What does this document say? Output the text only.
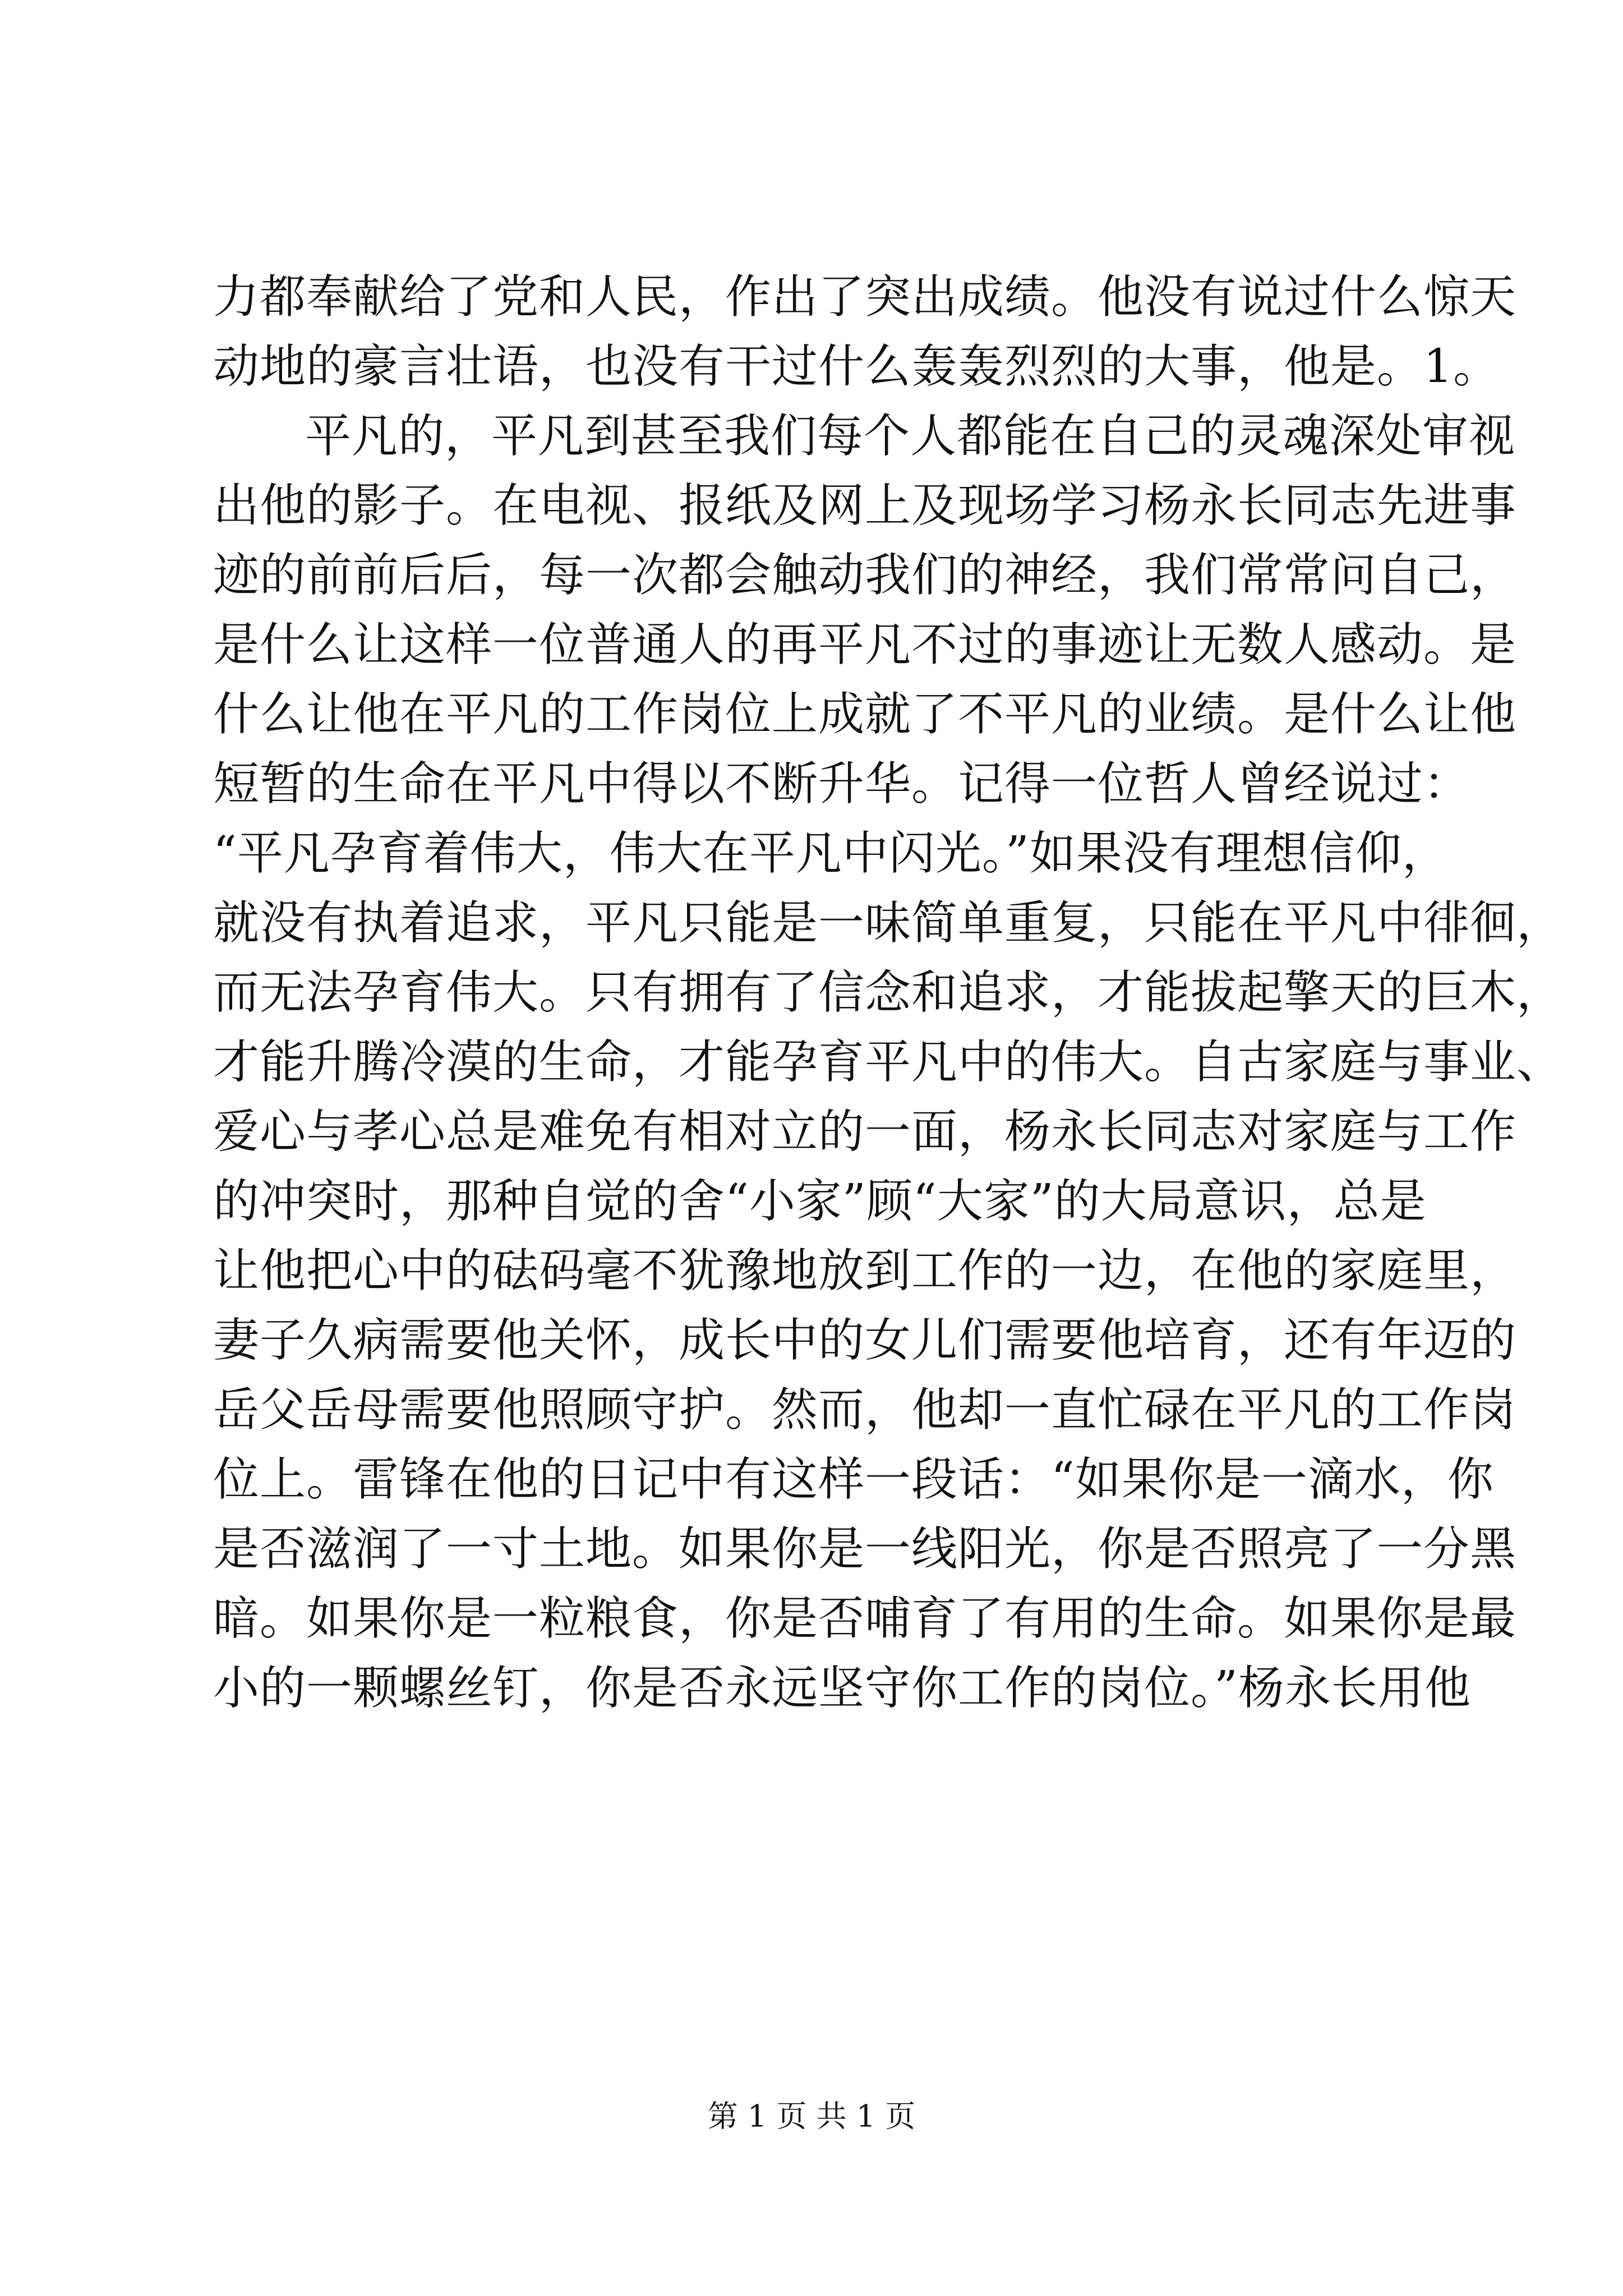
力都奉献给了党和人民，作出了突出成绩。他没有说过什么惊天
动地的豪言壮语，也没有干过什么轰轰烈烈的大事，他是。1。
平凡的，平凡到甚至我们每个人都能在自己的灵魂深处审视
出他的影子。在电视、报纸及网上及现场学习杨永长同志先进事
迹的前前后后，每一次都会触动我们的神经，我们常常问自己，
是什么让这样一位普通人的再平凡不过的事迹让无数人感动。是
什么让他在平凡的工作岗位上成就了不平凡的业绩。是什么让他
短暂的生命在平凡中得以不断升华。记得一位哲人曾经说过：
“平凡孕育着伟大，伟大在平凡中闪光。”如果没有理想信仰，
就没有执着追求，平凡只能是一味简单重复，只能在平凡中徘徊，
而无法孕育伟大。只有拥有了信念和追求，才能拔起擎天的巨木，
才能升腾冷漠的生命，才能孕育平凡中的伟大。自古家庭与事业、
爱心与孝心总是难免有相对立的一面，杨永长同志对家庭与工作
的冲突时，那种自觉的舍“小家”顾“大家”的大局意识，总是
让他把心中的砝码毫不犹豫地放到工作的一边，在他的家庭里，
妻子久病需要他关怀，成长中的女儿们需要他培育，还有年迈的
岳父岳母需要他照顾守护。然而，他却一直忙碌在平凡的工作岗
位上。雷锋在他的日记中有这样一段话：“如果你是一滴水，你
是否滋润了一寸土地。如果你是一线阳光，你是否照亮了一分黑
暗。如果你是一粒粮食，你是否哺育了有用的生命。如果你是最
小的一颗螺丝钉，你是否永远坚守你工作的岗位。”杨永长用他
第 1 页 共 1 页
